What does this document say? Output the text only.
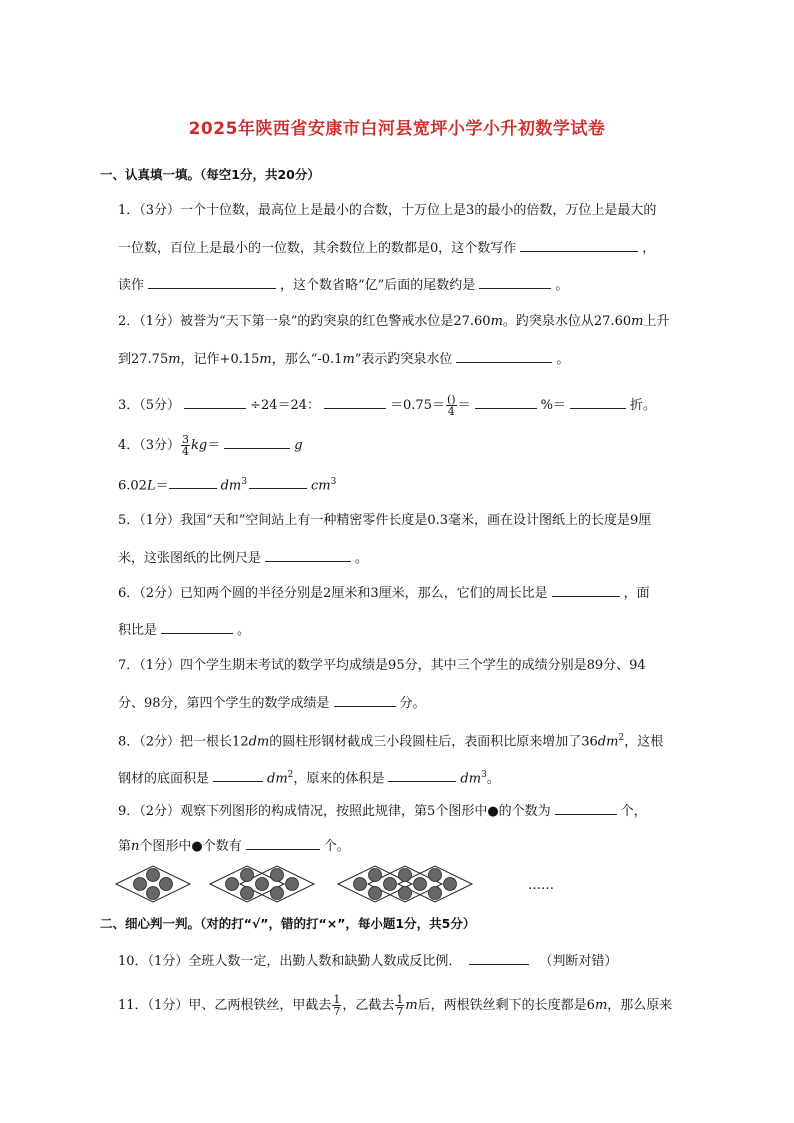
2025年陕西省安康市白河县宽坪小学小升初数学试卷
一、认真填一填。（每空1分，共20分）
1．（3分）一个十位数，最高位上是最小的合数，十万位上是3的最小的倍数，万位上是最大的
一位数，百位上是最小的一位数，其余数位上的数都是0，这个数写作	，
读作	，这个数省略“亿”后面的尾数约是	。
2．（1分）被誉为“天下第一泉”的趵突泉的红色警戒水位是27.60m。趵突泉水位从27.60m上升
到27.75m，记作+0.15m，那么“-0.1m”表示趵突泉水位	。
3．（5分）	÷24＝24：	$=0.75= \frac{()}{4}$ ＝	%＝	折。
4．（3分） $\frac{3}{4} kg=$	g
6.02L＝	$dm^3$	$cm^3$
5．（1分）我国“天和”空间站上有一种精密零件长度是0.3毫米，画在设计图纸上的长度是9厘
米，这张图纸的比例尺是	。
6．（2分）已知两个圆的半径分别是2厘米和3厘米，那么，它们的周长比是	，面
积比是	。
7．（1分）四个学生期末考试的数学平均成绩是95分，其中三个学生的成绩分别是89分、94
分、98分，第四个学生的数学成绩是	分。
8．（2分）把一根长12dm的圆柱形钢材截成三小段圆柱后，表面积比原来增加了$36dm^2$，这根
钢材的底面积是	$dm^2$，原来的体积是	$dm^3$。
9．（2分）观察下列图形的构成情况，按照此规律，第5个图形中●的个数为	个，
第n个图形中●个数有	个。
……
二、细心判一判。（对的打“√”，错的打“×”，每小题1分，共5分）
10．（1分）全班人数一定，出勤人数和缺勤人数成反比例．	（判断对错）
11．（1分）甲、乙两根铁丝，甲截去 $\frac{1}{7}$ ，乙截去 $\frac{1}{7}$ m后，两根铁丝剩下的长度都是6m，那么原来
